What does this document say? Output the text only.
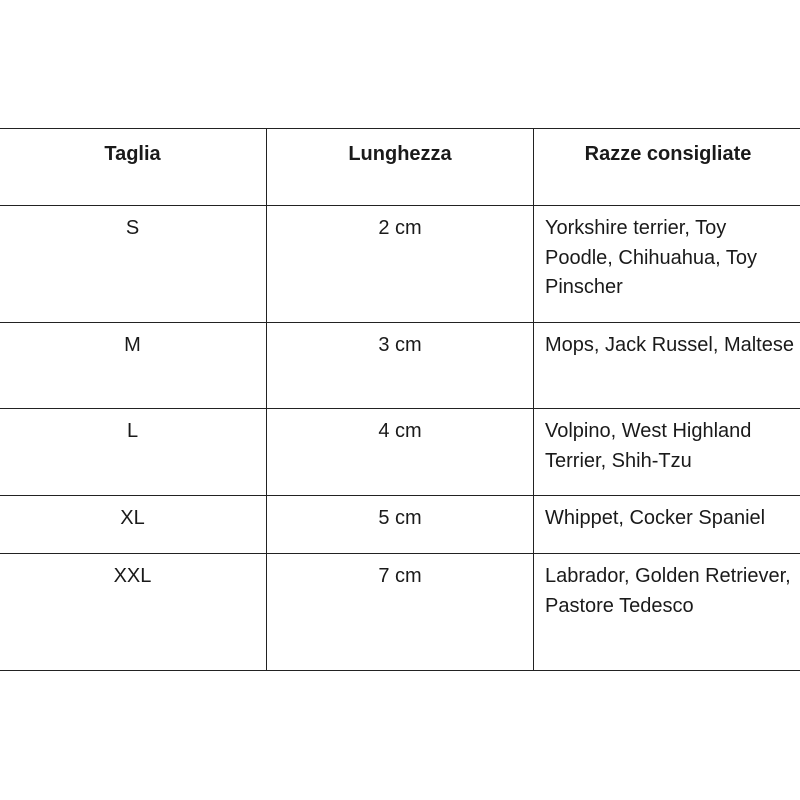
Taglia	Lunghezza	Razze consigliate
S	2 cm	Yorkshire terrier, Toy Poodle, Chihuahua, Toy Pinscher
M	3 cm	Mops, Jack Russel, Maltese
L	4 cm	Volpino, West Highland Terrier, Shih-Tzu
XL	5 cm	Whippet, Cocker Spaniel
XXL	7 cm	Labrador, Golden Retriever, Pastore Tedesco
